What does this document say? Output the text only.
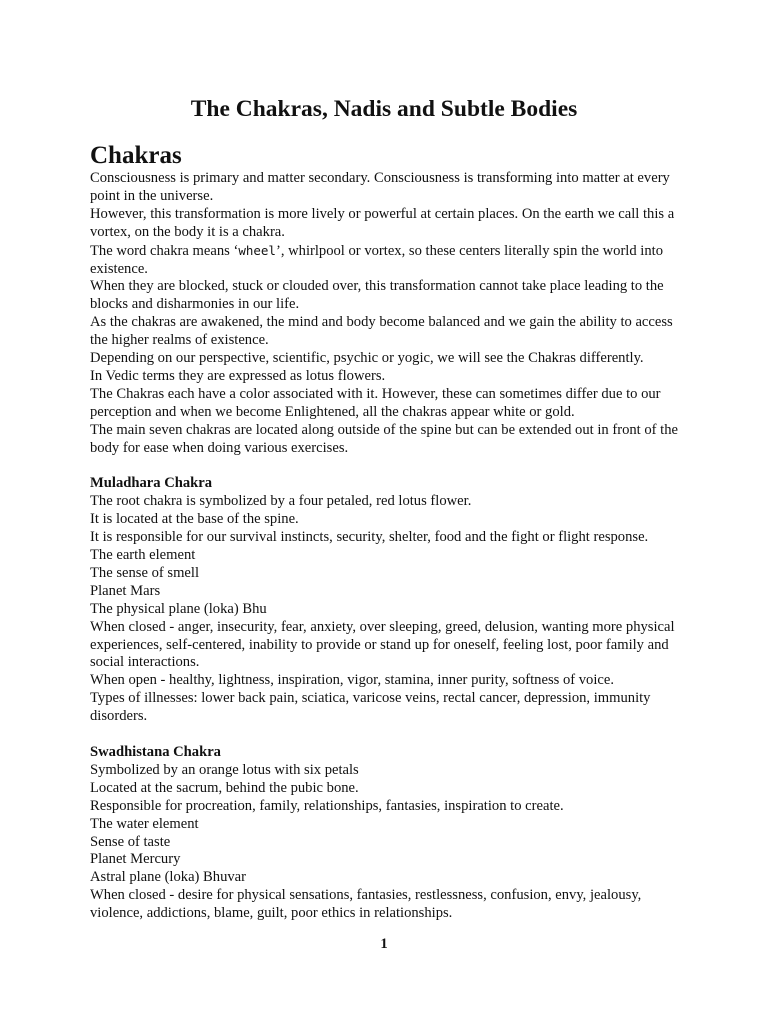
The Chakras, Nadis and Subtle Bodies
Chakras

Consciousness is primary and matter secondary. Consciousness is transforming into matter at every point in the universe.

However, this transformation is more lively or powerful at certain places. On the earth we call this a vortex, on the body it is a chakra.

The word chakra means ‘wheel’, whirlpool or vortex, so these centers literally spin the world into existence.

When they are blocked, stuck or clouded over, this transformation cannot take place leading to the blocks and disharmonies in our life.

As the chakras are awakened, the mind and body become balanced and we gain the ability to access the higher realms of existence.

Depending on our perspective, scientific, psychic or yogic, we will see the Chakras differently.

In Vedic terms they are expressed as lotus flowers.

The Chakras each have a color associated with it. However, these can sometimes differ due to our perception and when we become Enlightened, all the chakras appear white or gold.

The main seven chakras are located along outside of the spine but can be extended out in front of the body for ease when doing various exercises.

Muladhara Chakra

The root chakra is symbolized by a four petaled, red lotus flower.

It is located at the base of the spine.

It is responsible for our survival instincts, security, shelter, food and the fight or flight response.

The earth element

The sense of smell

Planet Mars

The physical plane (loka) Bhu

When closed - anger, insecurity, fear, anxiety, over sleeping, greed, delusion, wanting more physical experiences, self-centered, inability to provide or stand up for oneself, feeling lost, poor family and social interactions.

When open - healthy, lightness, inspiration, vigor, stamina, inner purity, softness of voice.

Types of illnesses: lower back pain, sciatica, varicose veins, rectal cancer, depression, immunity disorders.

Swadhistana Chakra

Symbolized by an orange lotus with six petals

Located at the sacrum, behind the pubic bone.

Responsible for procreation, family, relationships, fantasies, inspiration to create.

The water element

Sense of taste

Planet Mercury

Astral plane (loka) Bhuvar

When closed - desire for physical sensations, fantasies, restlessness, confusion, envy, jealousy, violence, addictions, blame, guilt, poor ethics in relationships.

1
